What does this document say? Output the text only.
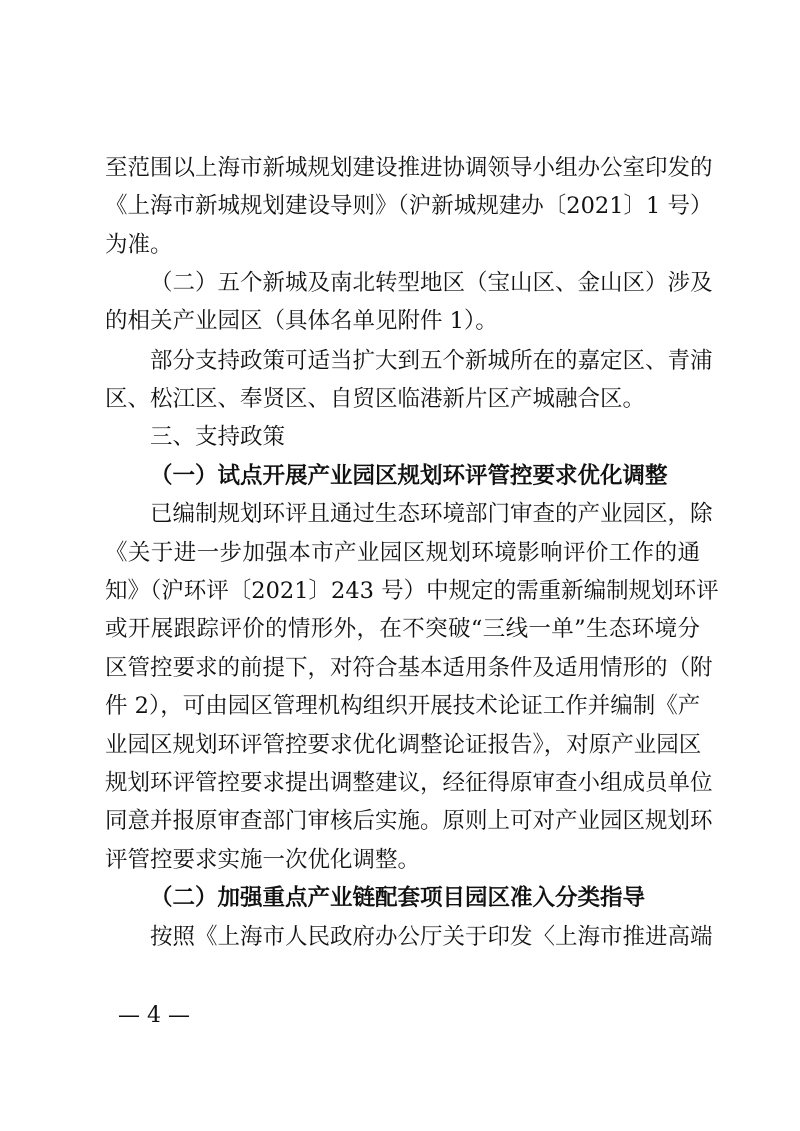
至范围以上海市新城规划建设推进协调领导小组办公室印发的
《上海市新城规划建设导则》（沪新城规建办〔2021〕1 号）
为准。
（二）五个新城及南北转型地区（宝山区、金山区）涉及
的相关产业园区（具体名单见附件 1）。
部分支持政策可适当扩大到五个新城所在的嘉定区、青浦
区、松江区、奉贤区、自贸区临港新片区产城融合区。
三、支持政策
（一）试点开展产业园区规划环评管控要求优化调整
已编制规划环评且通过生态环境部门审查的产业园区，除
《关于进一步加强本市产业园区规划环境影响评价工作的通
知》（沪环评〔2021〕243 号）中规定的需重新编制规划环评
或开展跟踪评价的情形外，在不突破“三线一单”生态环境分
区管控要求的前提下，对符合基本适用条件及适用情形的（附
件 2），可由园区管理机构组织开展技术论证工作并编制《产
业园区规划环评管控要求优化调整论证报告》，对原产业园区
规划环评管控要求提出调整建议，经征得原审查小组成员单位
同意并报原审查部门审核后实施。原则上可对产业园区规划环
评管控要求实施一次优化调整。
（二）加强重点产业链配套项目园区准入分类指导
按照《上海市人民政府办公厅关于印发〈上海市推进高端
— 4 —
